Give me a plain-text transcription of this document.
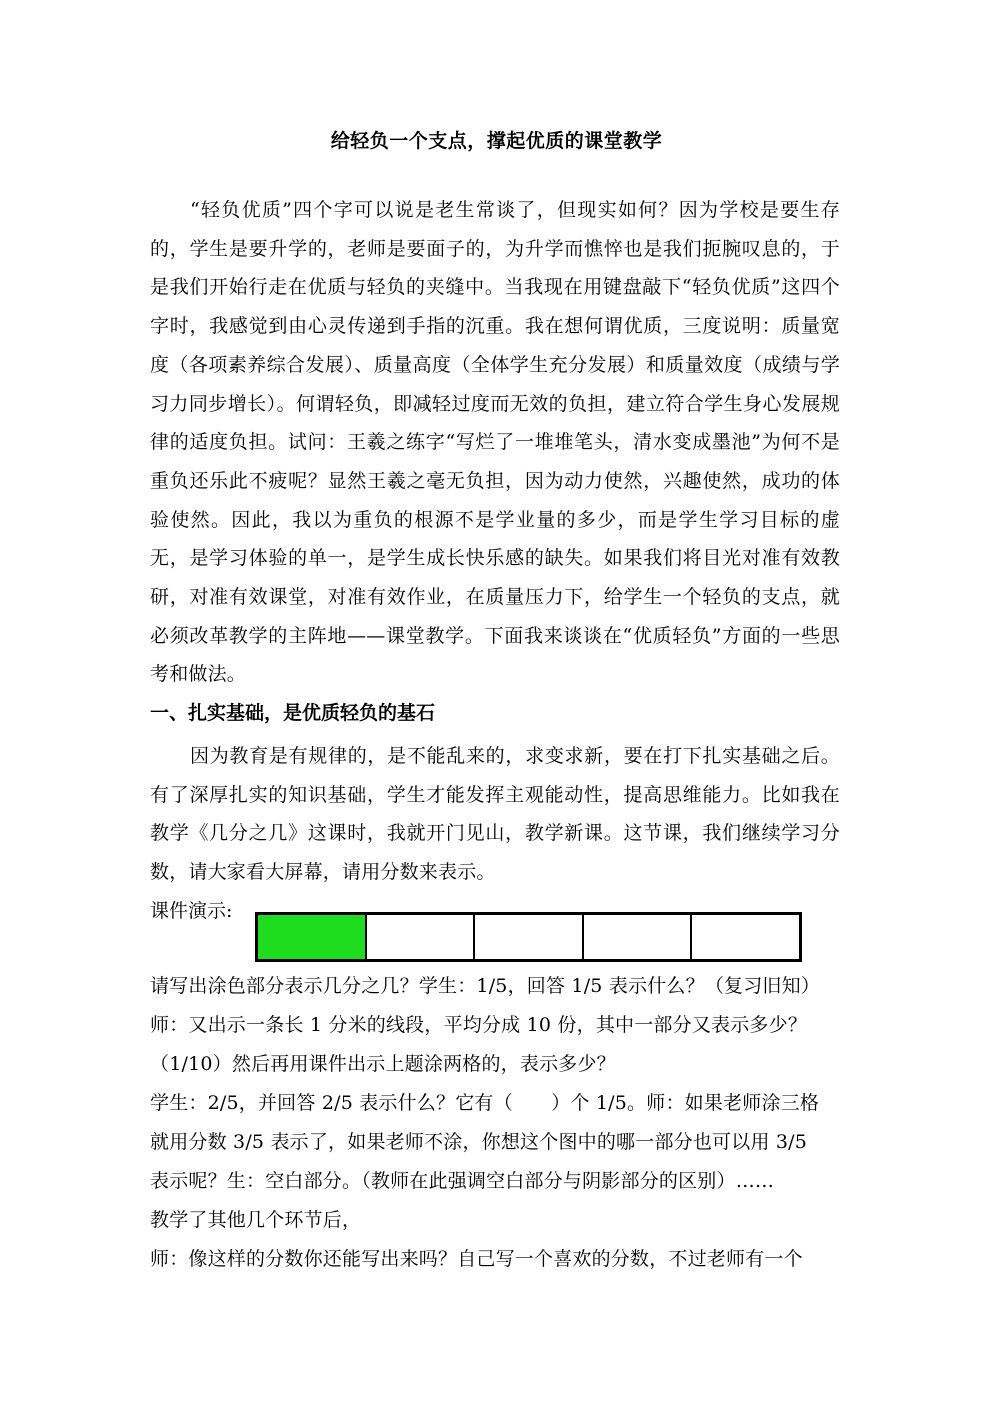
给轻负一个支点，撑起优质的课堂教学
“轻负优质”四个字可以说是老生常谈了，但现实如何？因为学校是要生存的，学生是要升学的，老师是要面子的，为升学而憔悴也是我们扼腕叹息的，于是我们开始行走在优质与轻负的夹缝中。当我现在用键盘敲下“轻负优质”这四个字时，我感觉到由心灵传递到手指的沉重。我在想何谓优质，三度说明：质量宽度（各项素养综合发展）、质量高度（全体学生充分发展）和质量效度（成绩与学习力同步增长）。何谓轻负，即减轻过度而无效的负担，建立符合学生身心发展规律的适度负担。试问：王羲之练字“写烂了一堆堆笔头，清水变成墨池”为何不是重负还乐此不疲呢？显然王羲之毫无负担，因为动力使然，兴趣使然，成功的体验使然。因此，我以为重负的根源不是学业量的多少，而是学生学习目标的虚无，是学习体验的单一，是学生成长快乐感的缺失。如果我们将目光对准有效教研，对准有效课堂，对准有效作业，在质量压力下，给学生一个轻负的支点，就必须改革教学的主阵地——课堂教学。下面我来谈谈在“优质轻负”方面的一些思考和做法。
一、扎实基础，是优质轻负的基石
因为教育是有规律的，是不能乱来的，求变求新，要在打下扎实基础之后。有了深厚扎实的知识基础，学生才能发挥主观能动性，提高思维能力。比如我在教学《几分之几》这课时，我就开门见山，教学新课。这节课，我们继续学习分数，请大家看大屏幕，请用分数来表示。
课件演示:
请写出涂色部分表示几分之几？学生：1/5，回答 1/5 表示什么？（复习旧知）
师：又出示一条长 1 分米的线段，平均分成 10 份，其中一部分又表示多少？
（1/10）然后再用课件出示上题涂两格的，表示多少？
学生：2/5，并回答 2/5 表示什么？它有（　　）个 1/5。师：如果老师涂三格
就用分数 3/5 表示了，如果老师不涂，你想这个图中的哪一部分也可以用 3/5
表示呢？生：空白部分。（教师在此强调空白部分与阴影部分的区别）……
教学了其他几个环节后，
师：像这样的分数你还能写出来吗？自己写一个喜欢的分数，不过老师有一个
